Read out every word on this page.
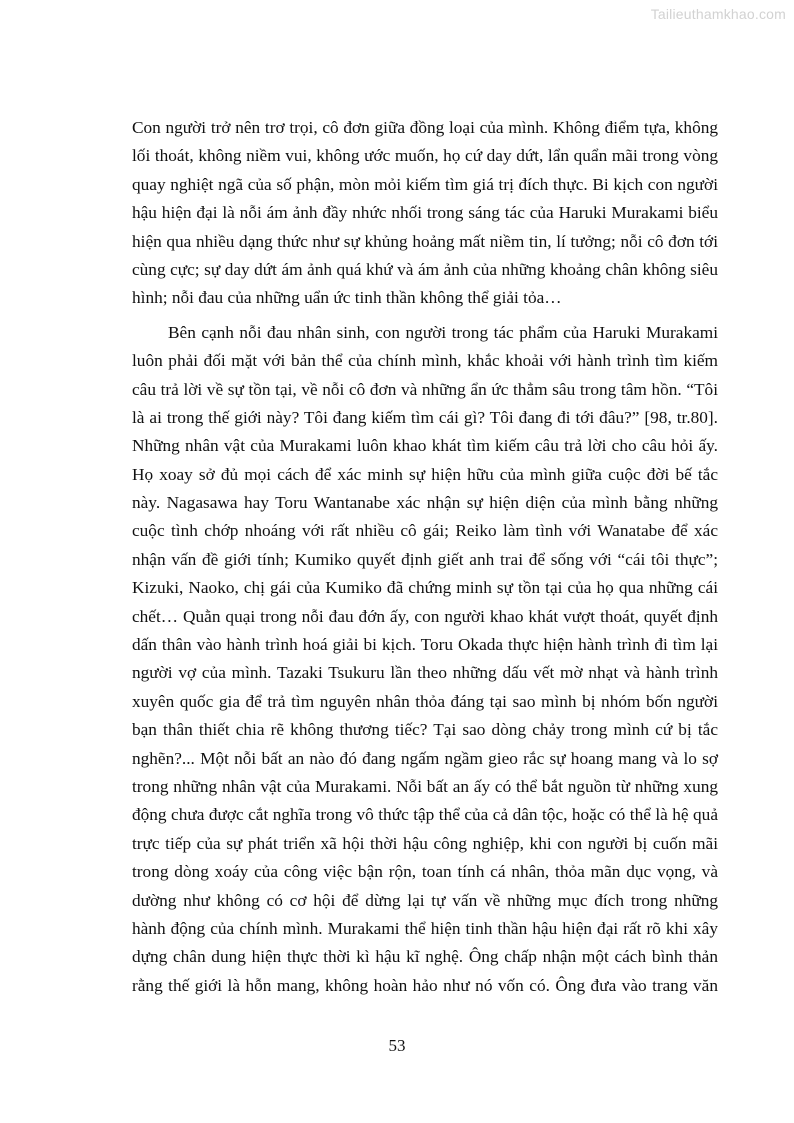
Tailieuthamkhao.com
Con người trở nên trơ trọi, cô đơn giữa đồng loại của mình. Không điểm tựa, không
lối thoát, không niềm vui, không ước muốn, họ cứ day dứt, lẩn quẩn mãi trong vòng
quay nghiệt ngã của số phận, mòn mỏi kiếm tìm giá trị đích thực. Bi kịch con người
hậu hiện đại là nỗi ám ảnh đầy nhức nhối trong sáng tác của Haruki Murakami biểu
hiện qua nhiều dạng thức như sự khủng hoảng mất niềm tin, lí tưởng; nỗi cô đơn tới
cùng cực; sự day dứt ám ảnh quá khứ và ám ảnh của những khoảng chân không siêu
hình; nỗi đau của những uẩn ức tinh thần không thể giải tỏa…
Bên cạnh nỗi đau nhân sinh, con người trong tác phẩm của Haruki Murakami
luôn phải đối mặt với bản thể của chính mình, khắc khoải với hành trình tìm kiếm
câu trả lời về sự tồn tại, về nỗi cô đơn và những ẩn ức thẳm sâu trong tâm hồn. “Tôi
là ai trong thế giới này? Tôi đang kiếm tìm cái gì? Tôi đang đi tới đâu?” [98, tr.80].
Những nhân vật của Murakami luôn khao khát tìm kiếm câu trả lời cho câu hỏi ấy.
Họ xoay sở đủ mọi cách để xác minh sự hiện hữu của mình giữa cuộc đời bế tắc
này. Nagasawa hay Toru Wantanabe xác nhận sự hiện diện của mình bằng những
cuộc tình chớp nhoáng với rất nhiều cô gái; Reiko làm tình với Wanatabe để xác
nhận vấn đề giới tính; Kumiko quyết định giết anh trai để sống với “cái tôi thực”;
Kizuki, Naoko, chị gái của Kumiko đã chứng minh sự tồn tại của họ qua những cái
chết… Quằn quại trong nỗi đau đớn ấy, con người khao khát vượt thoát, quyết định
dấn thân vào hành trình hoá giải bi kịch. Toru Okada thực hiện hành trình đi tìm lại
người vợ của mình. Tazaki Tsukuru lần theo những dấu vết mờ nhạt và hành trình
xuyên quốc gia để trả tìm nguyên nhân thỏa đáng tại sao mình bị nhóm bốn người
bạn thân thiết chia rẽ không thương tiếc? Tại sao dòng chảy trong mình cứ bị tắc
nghẽn?... Một nỗi bất an nào đó đang ngấm ngầm gieo rắc sự hoang mang và lo sợ
trong những nhân vật của Murakami. Nỗi bất an ấy có thể bắt nguồn từ những xung
động chưa được cắt nghĩa trong vô thức tập thể của cả dân tộc, hoặc có thể là hệ quả
trực tiếp của sự phát triển xã hội thời hậu công nghiệp, khi con người bị cuốn mãi
trong dòng xoáy của công việc bận rộn, toan tính cá nhân, thỏa mãn dục vọng, và
dường như không có cơ hội để dừng lại tự vấn về những mục đích trong những
hành động của chính mình. Murakami thể hiện tinh thần hậu hiện đại rất rõ khi xây
dựng chân dung hiện thực thời kì hậu kĩ nghệ. Ông chấp nhận một cách bình thản
rằng thế giới là hỗn mang, không hoàn hảo như nó vốn có. Ông đưa vào trang văn
53
